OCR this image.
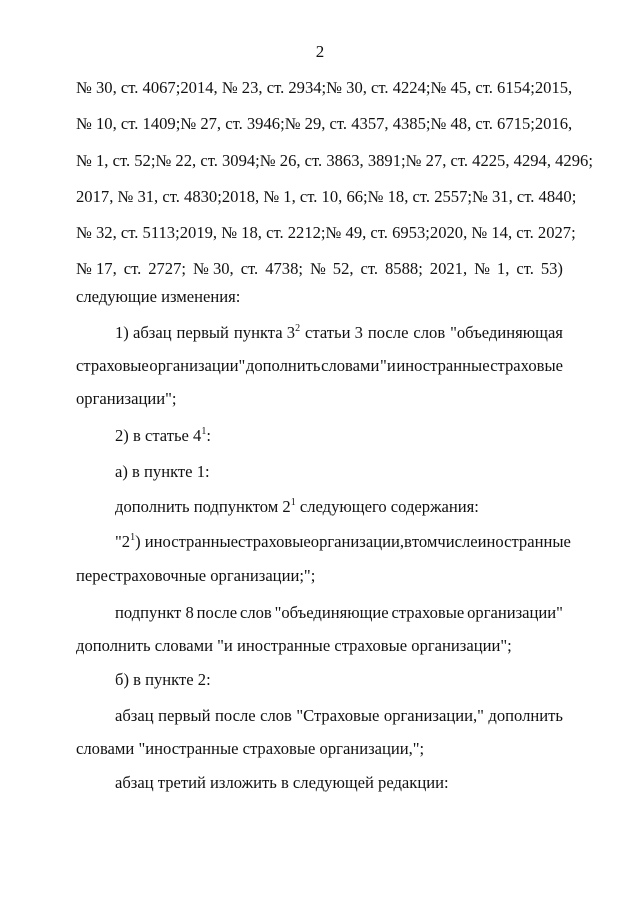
2
№ 30, ст. 4067; 2014, № 23, ст. 2934; № 30, ст. 4224; № 45, ст. 6154; 2015,
№ 10, ст. 1409; № 27, ст. 3946; № 29, ст. 4357, 4385; № 48, ст. 6715; 2016,
№ 1, ст. 52; № 22, ст. 3094; № 26, ст. 3863, 3891; № 27, ст. 4225, 4294, 4296;
2017, № 31, ст. 4830; 2018, № 1, ст. 10, 66; № 18, ст. 2557; № 31, ст. 4840;
№ 32, ст. 5113; 2019, № 18, ст. 2212; № 49, ст. 6953; 2020, № 14, ст. 2027;
№ 17, ст. 2727; № 30, ст. 4738; № 52, ст. 8588; 2021, № 1, ст. 53)
следующие изменения:
1) абзац первый пункта $3^2$ статьи 3 после слов "объединяющая
страховые организации" дополнить словами "и иностранные страховые
организации";
2) в статье $4^1$:
а) в пункте 1:
дополнить подпунктом $2^1$ следующего содержания:
"$2^1$) иностранные страховые организации, в том числе иностранные
перестраховочные организации;";
подпункт 8 после слов "объединяющие страховые организации"
дополнить словами "и иностранные страховые организации";
б) в пункте 2:
абзац первый после слов "Страховые организации," дополнить
словами "иностранные страховые организации,";
абзац третий изложить в следующей редакции:
